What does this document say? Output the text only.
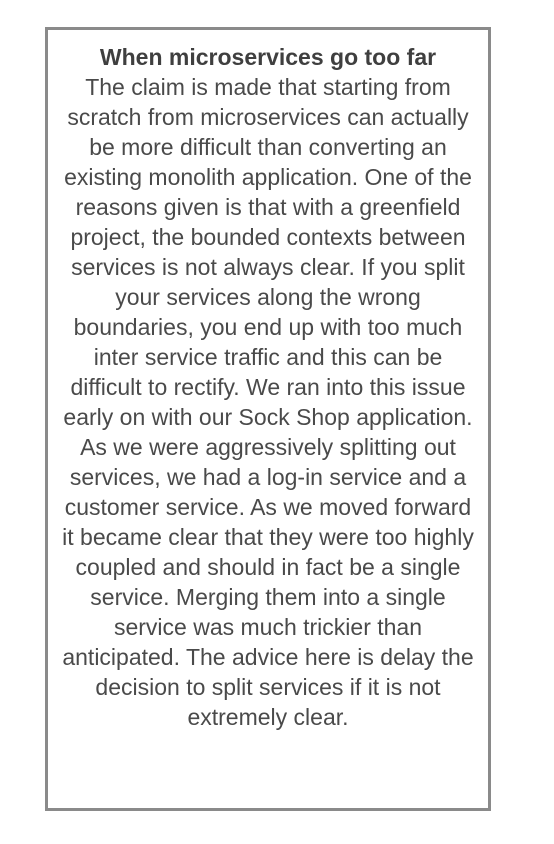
When microservices go too far

The claim is made that starting from scratch from microservices can actually be more difficult than converting an existing monolith application. One of the reasons given is that with a greenfield project, the bounded contexts between services is not always clear. If you split your services along the wrong boundaries, you end up with too much inter service traffic and this can be difficult to rectify. We ran into this issue early on with our Sock Shop application. As we were aggressively splitting out services, we had a log-in service and a customer service. As we moved forward it became clear that they were too highly coupled and should in fact be a single service. Merging them into a single service was much trickier than anticipated. The advice here is delay the decision to split services if it is not extremely clear.
